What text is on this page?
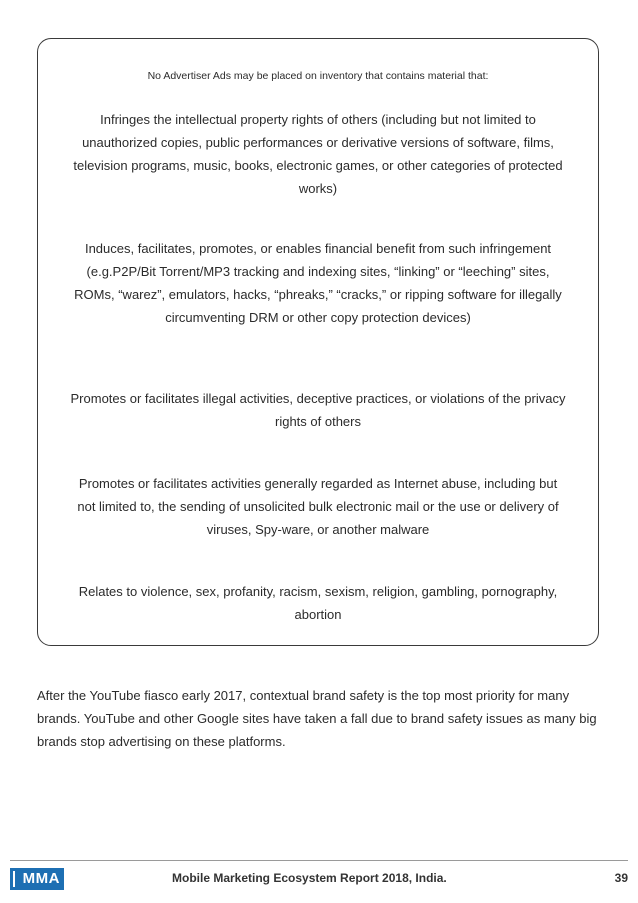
No Advertiser Ads may be placed on inventory that contains material that:
Infringes the intellectual property rights of others (including but not limited to unauthorized copies, public performances or derivative versions of software, films, television programs, music, books, electronic games, or other categories of protected works)
Induces, facilitates, promotes, or enables financial benefit from such infringement (e.g.P2P/Bit Torrent/MP3 tracking and indexing sites, “linking” or “leeching” sites, ROMs, “warez”, emulators, hacks, “phreaks,” “cracks,” or ripping software for illegally circumventing DRM or other copy protection devices)
Promotes or facilitates illegal activities, deceptive practices, or violations of the privacy rights of others
Promotes or facilitates activities generally regarded as Internet abuse, including but not limited to, the sending of unsolicited bulk electronic mail or the use or delivery of viruses, Spy-ware, or another malware
Relates to violence, sex, profanity, racism, sexism, religion, gambling, pornography, abortion

After the YouTube fiasco early 2017, contextual brand safety is the top most priority for many brands. YouTube and other Google sites have taken a fall due to brand safety issues as many big brands stop advertising on these platforms.

MMA	Mobile Marketing Ecosystem Report 2018, India.	39
